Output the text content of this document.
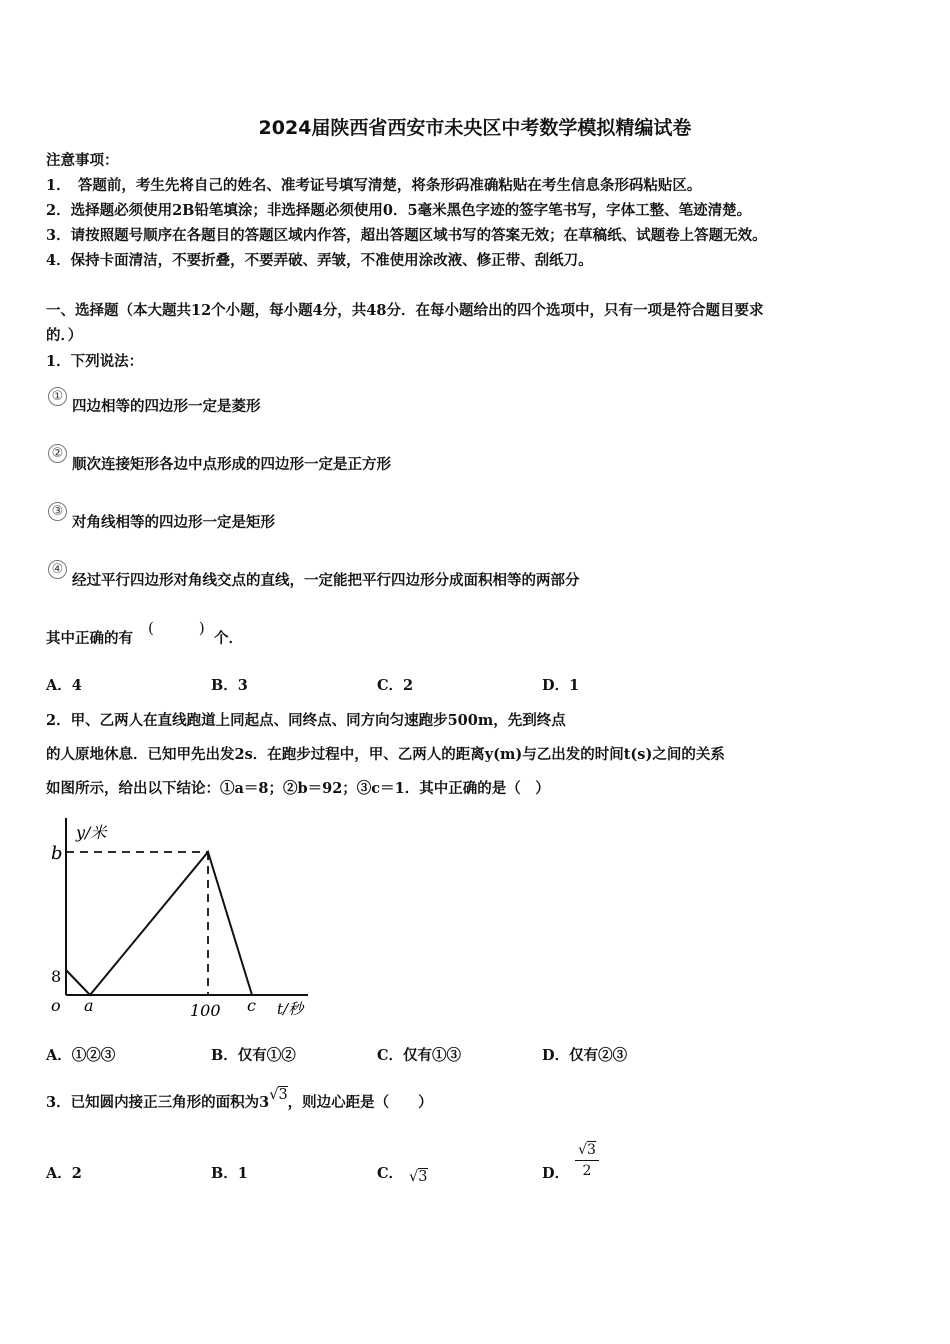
2024届陕西省西安市未央区中考数学模拟精编试卷
注意事项：
1．　答题前，考生先将自己的姓名、准考证号填写清楚，将条形码准确粘贴在考生信息条形码粘贴区。
2．选择题必须使用2B铅笔填涂；非选择题必须使用0．5毫米黑色字迹的签字笔书写，字体工整、笔迹清楚。
3．请按照题号顺序在各题目的答题区域内作答，超出答题区域书写的答案无效；在草稿纸、试题卷上答题无效。
4．保持卡面清洁，不要折叠，不要弄破、弄皱，不准使用涂改液、修正带、刮纸刀。
一、选择题（本大题共12个小题，每小题4分，共48分．在每小题给出的四个选项中，只有一项是符合题目要求
的．）
1．下列说法：
①
四边相等的四边形一定是菱形
②
顺次连接矩形各边中点形成的四边形一定是正方形
③
对角线相等的四边形一定是矩形
④
经过平行四边形对角线交点的直线，一定能把平行四边形分成面积相等的两部分
其中正确的有
(　　　)
个．
A．4	B．3	C．2	D．1
2．甲、乙两人在直线跑道上同起点、同终点、同方向匀速跑步500m，先到终点
的人原地休息．已知甲先出发2s．在跑步过程中，甲、乙两人的距离y(m)与乙出发的时间t(s)之间的关系
如图所示，给出以下结论：①a＝8；②b＝92；③c＝1．其中正确的是（　）
y/米
b
8
o a	100 c t/秒
A．①②③	B．仅有①②	C．仅有①③	D．仅有②③
3．已知圆内接正三角形的面积为3√3，则边心距是（　　）
A．2	B．1	C． √3	D．
√3
2
